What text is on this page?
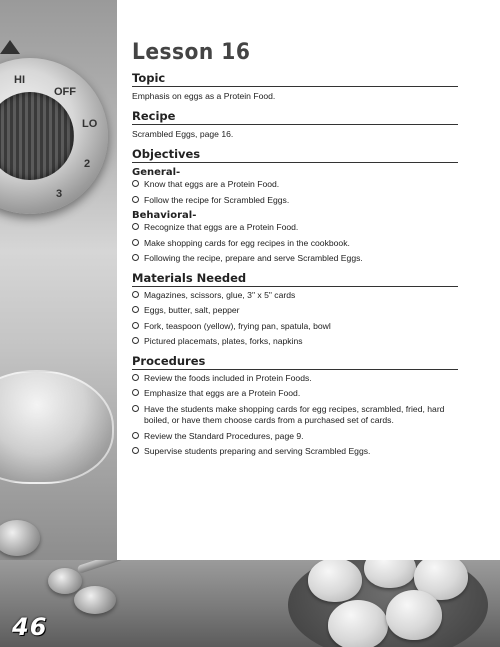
HI
OFF
LO
2
3
46
Lesson 16
Topic

Emphasis on eggs as a Protein Food.

Recipe

Scrambled Eggs, page 16.

Objectives
General-
Know that eggs are a Protein Food.
Follow the recipe for Scrambled Eggs.
Behavioral-
Recognize that eggs are a Protein Food.
Make shopping cards for egg recipes in the cookbook.
Following the recipe, prepare and serve Scrambled Eggs.
Materials Needed
Magazines, scissors, glue, 3" x 5" cards
Eggs, butter, salt, pepper
Fork, teaspoon (yellow), frying pan, spatula, bowl
Pictured placemats, plates, forks, napkins
Procedures
Review the foods included in Protein Foods.
Emphasize that eggs are a Protein Food.
Have the students make shopping cards for egg recipes, scrambled, fried, hard boiled, or have them choose cards from a purchased set of cards.
Review the Standard Procedures, page 9.
Supervise students preparing and serving Scrambled Eggs.
